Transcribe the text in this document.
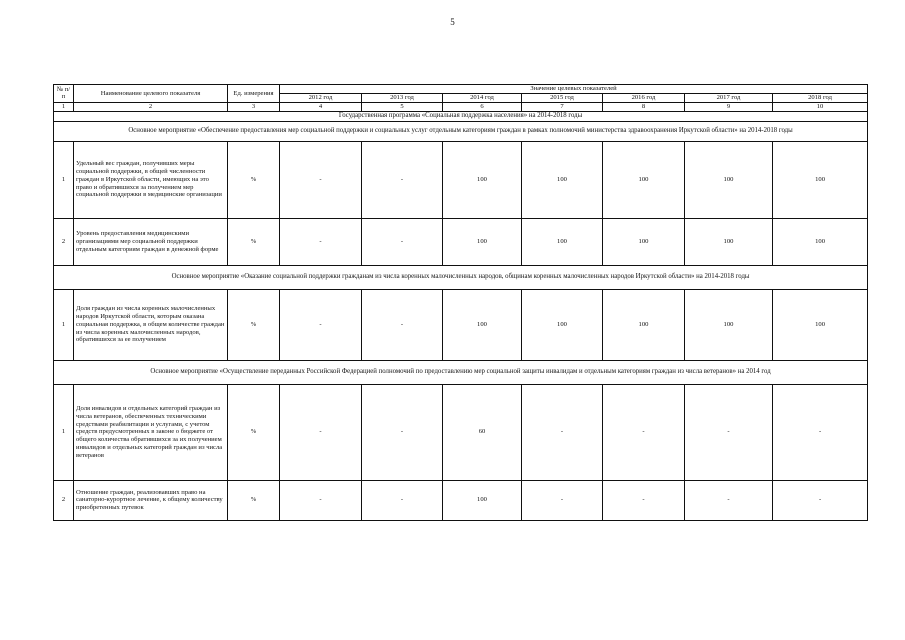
5
№ п/п	Наименование целевого показателя	Ед. измерения	Значение целевых показателей						
			2012 год	2013 год	2014 год	2015 год	2016 год	2017 год	2018 год
1	2	3	4	5	6	7	8	9	10
Государственная программа «Социальная поддержка населения» на 2014-2018 годы									
Основное мероприятие «Обеспечение предоставления мер социальной поддержки и социальных услуг отдельным категориям граждан в рамках полномочий министерства здравоохранения Иркутской области» на 2014-2018 годы									
1	Удельный вес граждан, получивших меры социальной поддержки, в общей численности граждан в Иркутской области, имеющих на это право и обратившихся за получением мер социальной поддержки в медицинские организации	%	-	-	100	100	100	100	100
2	Уровень предоставления медицинскими организациями мер социальной поддержки отдельным категориям граждан в денежной форме	%	-	-	100	100	100	100	100
Основное мероприятие «Оказание социальной поддержки гражданам из числа коренных малочисленных народов, общинам коренных малочисленных народов Иркутской области» на 2014-2018 годы									
1	Доля граждан из числа коренных малочисленных народов Иркутской области, которым оказана социальная поддержка, в общем количестве граждан из числа коренных малочисленных народов, обратившихся за ее получением	%	-	-	100	100	100	100	100
Основное мероприятие «Осуществление переданных Российской Федерацией полномочий по предоставлению мер социальной защиты инвалидам и отдельным категориям граждан из числа ветеранов» на 2014 год									
1	Доля инвалидов и отдельных категорий граждан из числа ветеранов, обеспеченных техническими средствами реабилитации и услугами, с учетом средств предусмотренных в законе о бюджете от общего количества обратившихся за их получением инвалидов и отдельных категорий граждан из числа ветеранов	%	-	-	60	-	-	-	-
2	Отношение граждан, реализовавших право на санаторно-курортное лечение, к общему количеству приобретенных путевок	%	-	-	100	-	-	-	-
